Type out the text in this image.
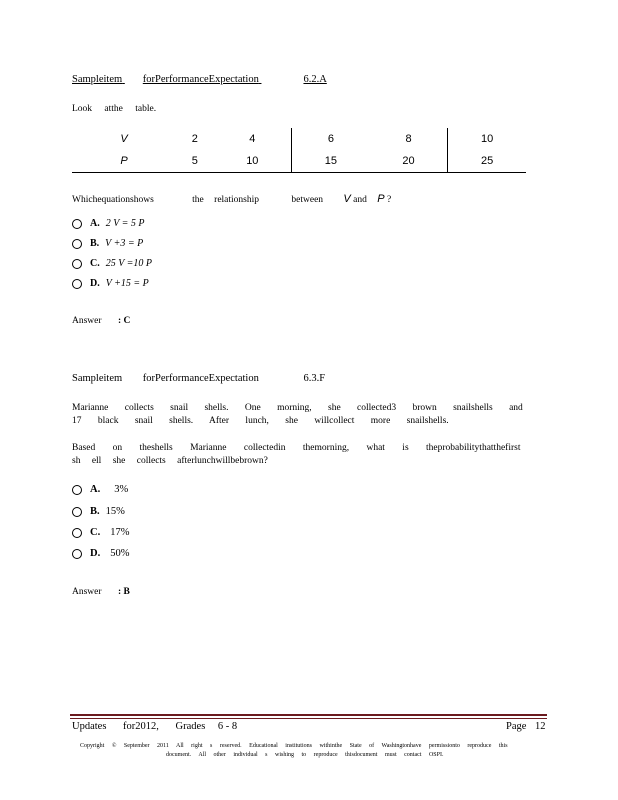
Sampleitem forPerformanceExpectation	6.2.A
Look atthe table.
V	2	4	6	8	10
P	5	10	15	20	25
Whichequationshows	the relationship	between V and P ?
A. 2 V = 5 P
B. V +3 = P
C. 25 V =10 P
D. V +15 = P
Answer : C
Sampleitem forPerformanceExpectation	6.3.F
Marianne collects snail shells. One morning, she collected3 brown snailshells and
17 black snail shells. After lunch, she willcollect more snailshells.
Based on theshells Marianne collectedin themorning, what is theprobabilitythatthefirst
sh ell she collects afterlunchwillbebrown?
A. 3%
B. 15%
C. 17%
D. 50%
Answer : B
Updates for2012, Grades 6 - 8	Page 12
Copyright © September 2011 All right s reserved. Educational institutions withinthe State of Washingtonhave permissionto reproduce this
document. All other individual s wishing to reproduce thisdocument must contact OSPI.
